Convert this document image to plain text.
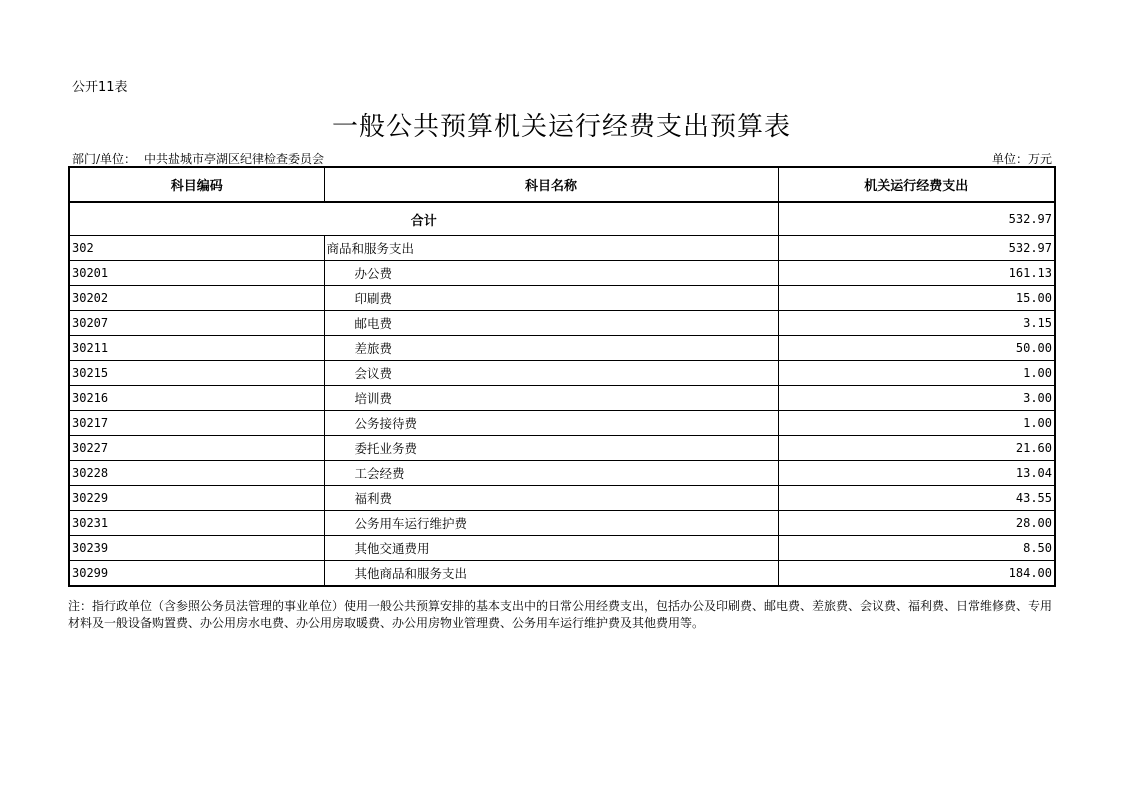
公开11表
一般公共预算机关运行经费支出预算表
部门/单位： 中共盐城市亭湖区纪律检查委员会	单位：万元
科目编码	科目名称	机关运行经费支出
合计		532.97
302	商品和服务支出	532.97
30201	办公费	161.13
30202	印刷费	15.00
30207	邮电费	3.15
30211	差旅费	50.00
30215	会议费	1.00
30216	培训费	3.00
30217	公务接待费	1.00
30227	委托业务费	21.60
30228	工会经费	13.04
30229	福利费	43.55
30231	公务用车运行维护费	28.00
30239	其他交通费用	8.50
30299	其他商品和服务支出	184.00
注：指行政单位（含参照公务员法管理的事业单位）使用一般公共预算安排的基本支出中的日常公用经费支出，包括办公及印刷费、邮电费、差旅费、会议费、福利费、日常维修费、专用材料及一般设备购置费、办公用房水电费、办公用房取暖费、办公用房物业管理费、公务用车运行维护费及其他费用等。
